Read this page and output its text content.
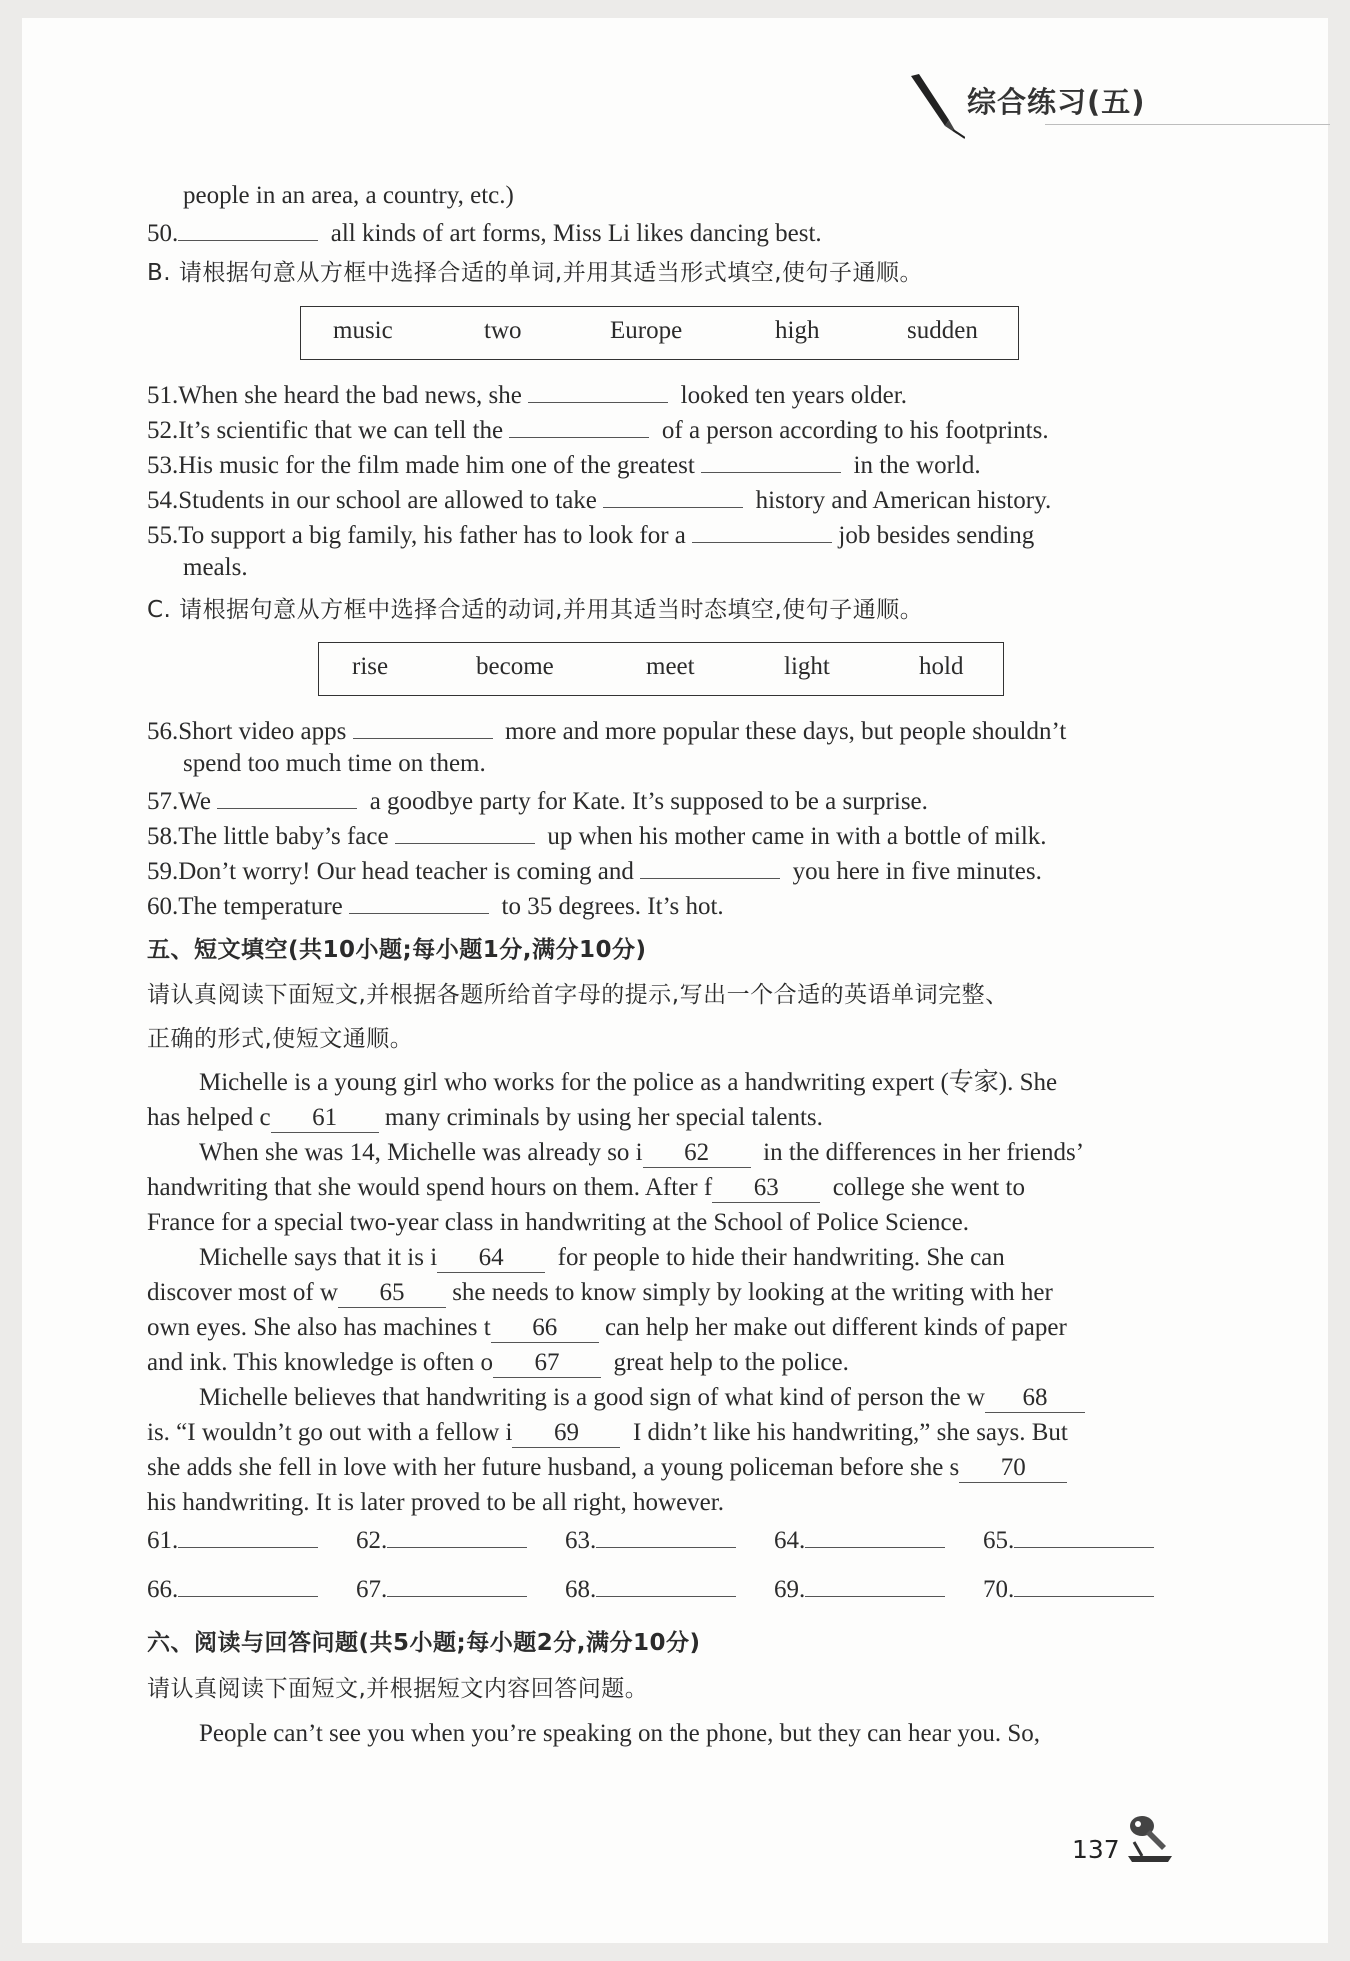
综合练习(五)
people in an area, a country, etc.)
50.	all kinds of art forms, Miss Li likes dancing best.
B. 请根据句意从方框中选择合适的单词,并用其适当形式填空,使句子通顺。
music	two	Europe	high	sudden
51.When she heard the bad news, she	looked ten years older.
52.It’s scientific that we can tell the	of a person according to his footprints.
53.His music for the film made him one of the greatest	in the world.
54.Students in our school are allowed to take	history and American history.
55.To support a big family, his father has to look for a	job besides sending
meals.
C. 请根据句意从方框中选择合适的动词,并用其适当时态填空,使句子通顺。
rise	become	meet	light	hold
56.Short video apps	more and more popular these days, but people shouldn’t
spend too much time on them.
57.We	a goodbye party for Kate. It’s supposed to be a surprise.
58.The little baby’s face	up when his mother came in with a bottle of milk.
59.Don’t worry! Our head teacher is coming and	you here in five minutes.
60.The temperature	to 35 degrees. It’s hot.
五、短文填空(共10小题;每小题1分,满分10分)
请认真阅读下面短文,并根据各题所给首字母的提示,写出一个合适的英语单词完整、
正确的形式,使短文通顺。
Michelle is a young girl who works for the police as a handwriting expert (专家). She
has helped c 61 many criminals by using her special talents.
When she was 14, Michelle was already so i 62 in the differences in her friends’
handwriting that she would spend hours on them. After f 63 college she went to
France for a special two-year class in handwriting at the School of Police Science.
Michelle says that it is i 64 for people to hide their handwriting. She can
discover most of w 65 she needs to know simply by looking at the writing with her
own eyes. She also has machines t 66 can help her make out different kinds of paper
and ink. This knowledge is often o 67 great help to the police.
Michelle believes that handwriting is a good sign of what kind of person the w 68
is. “I wouldn’t go out with a fellow i 69 I didn’t like his handwriting,” she says. But
she adds she fell in love with her future husband, a young policeman before she s 70
his handwriting. It is later proved to be all right, however.
61.	62.	63.	64.	65.
66.	67.	68.	69.	70.
六、阅读与回答问题(共5小题;每小题2分,满分10分)
请认真阅读下面短文,并根据短文内容回答问题。
People can’t see you when you’re speaking on the phone, but they can hear you. So,
137
